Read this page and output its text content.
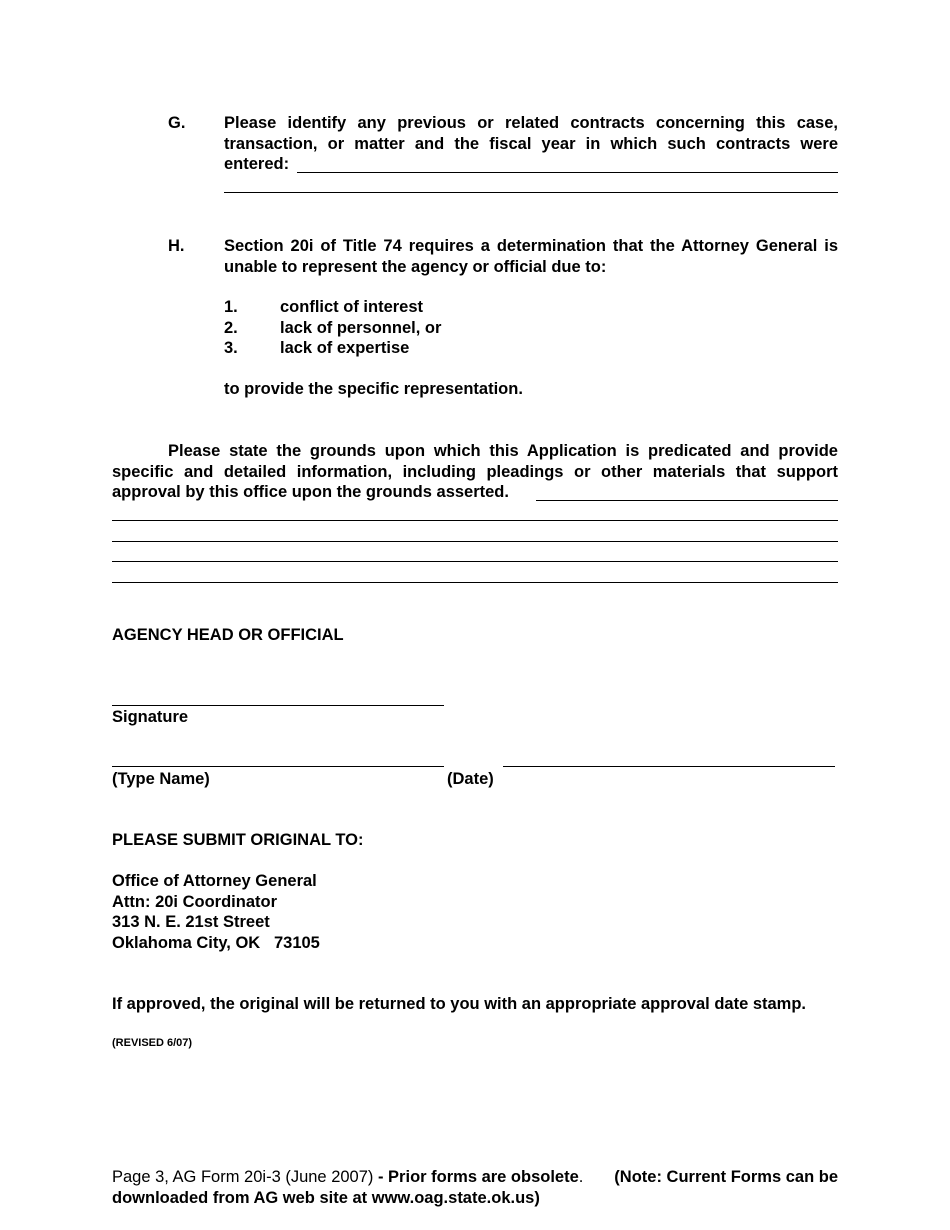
G. Please identify any previous or related contracts concerning this case,
transaction, or matter and the fiscal year in which such contracts were
entered:
H. Section 20i of Title 74 requires a determination that the Attorney General is
unable to represent the agency or official due to:
1.	conflict of interest
2.	lack of personnel, or
3.	lack of expertise
to provide the specific representation.
Please state the grounds upon which this Application is predicated and provide
specific and detailed information, including pleadings or other materials that support
approval by this office upon the grounds asserted.
AGENCY HEAD OR OFFICIAL
Signature
(Type Name)	(Date)
PLEASE SUBMIT ORIGINAL TO:
Office of Attorney General
Attn: 20i Coordinator
313 N. E. 21st Street
Oklahoma City, OK   73105
If approved, the original will be returned to you with an appropriate approval date stamp.
(REVISED 6/07)
Page 3, AG Form 20i-3 (June 2007) - Prior forms are obsolete. (Note: Current Forms can be
downloaded from AG web site at www.oag.state.ok.us)
